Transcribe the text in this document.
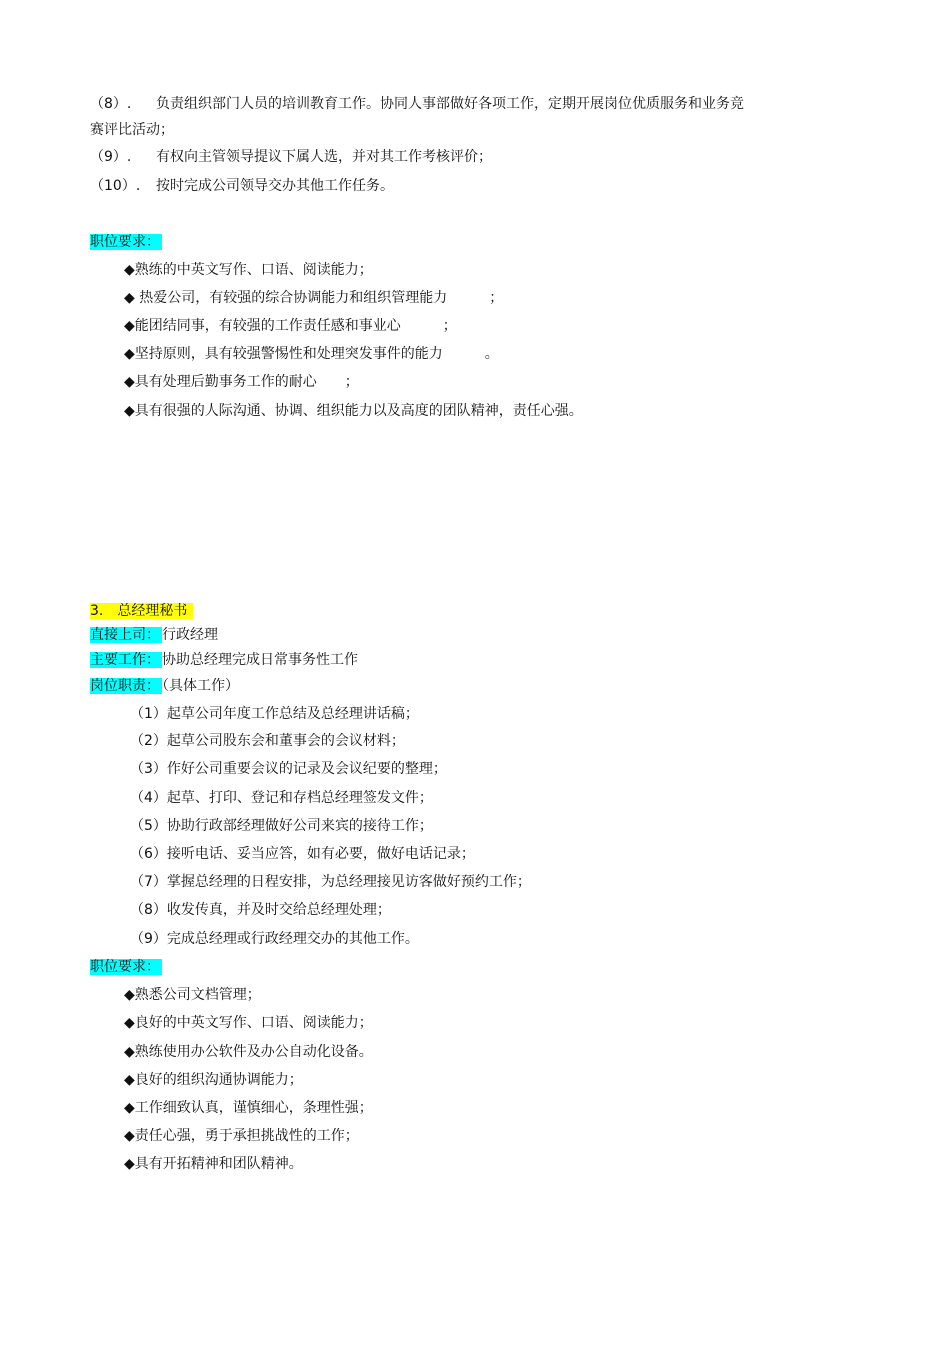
（8）. 负责组织部门人员的培训教育工作。协同人事部做好各项工作，定期开展岗位优质服务和业务竞
赛评比活动；
（9）. 有权向主管领导提议下属人选，并对其工作考核评价；
（10）. 按时完成公司领导交办其他工作任务。
职位要求：
◆熟练的中英文写作、口语、阅读能力；
◆ 热爱公司，有较强的综合协调能力和组织管理能力　　　；
◆能团结同事，有较强的工作责任感和事业心　　　；
◆坚持原则，具有较强警惕性和处理突发事件的能力　　　。
◆具有处理后勤事务工作的耐心　　；
◆具有很强的人际沟通、协调、组织能力以及高度的团队精神，责任心强。
3.　总经理秘书
直接上司： 行政经理
主要工作： 协助总经理完成日常事务性工作
岗位职责： （具体工作）
（1）起草公司年度工作总结及总经理讲话稿；
（2）起草公司股东会和董事会的会议材料；
（3）作好公司重要会议的记录及会议纪要的整理；
（4）起草、打印、登记和存档总经理签发文件；
（5）协助行政部经理做好公司来宾的接待工作；
（6）接听电话、妥当应答，如有必要，做好电话记录；
（7）掌握总经理的日程安排，为总经理接见访客做好预约工作；
（8）收发传真，并及时交给总经理处理；
（9）完成总经理或行政经理交办的其他工作。
职位要求：
◆熟悉公司文档管理；
◆良好的中英文写作、口语、阅读能力；
◆熟练使用办公软件及办公自动化设备。
◆良好的组织沟通协调能力；
◆工作细致认真，谨慎细心，条理性强；
◆责任心强，勇于承担挑战性的工作；
◆具有开拓精神和团队精神。
